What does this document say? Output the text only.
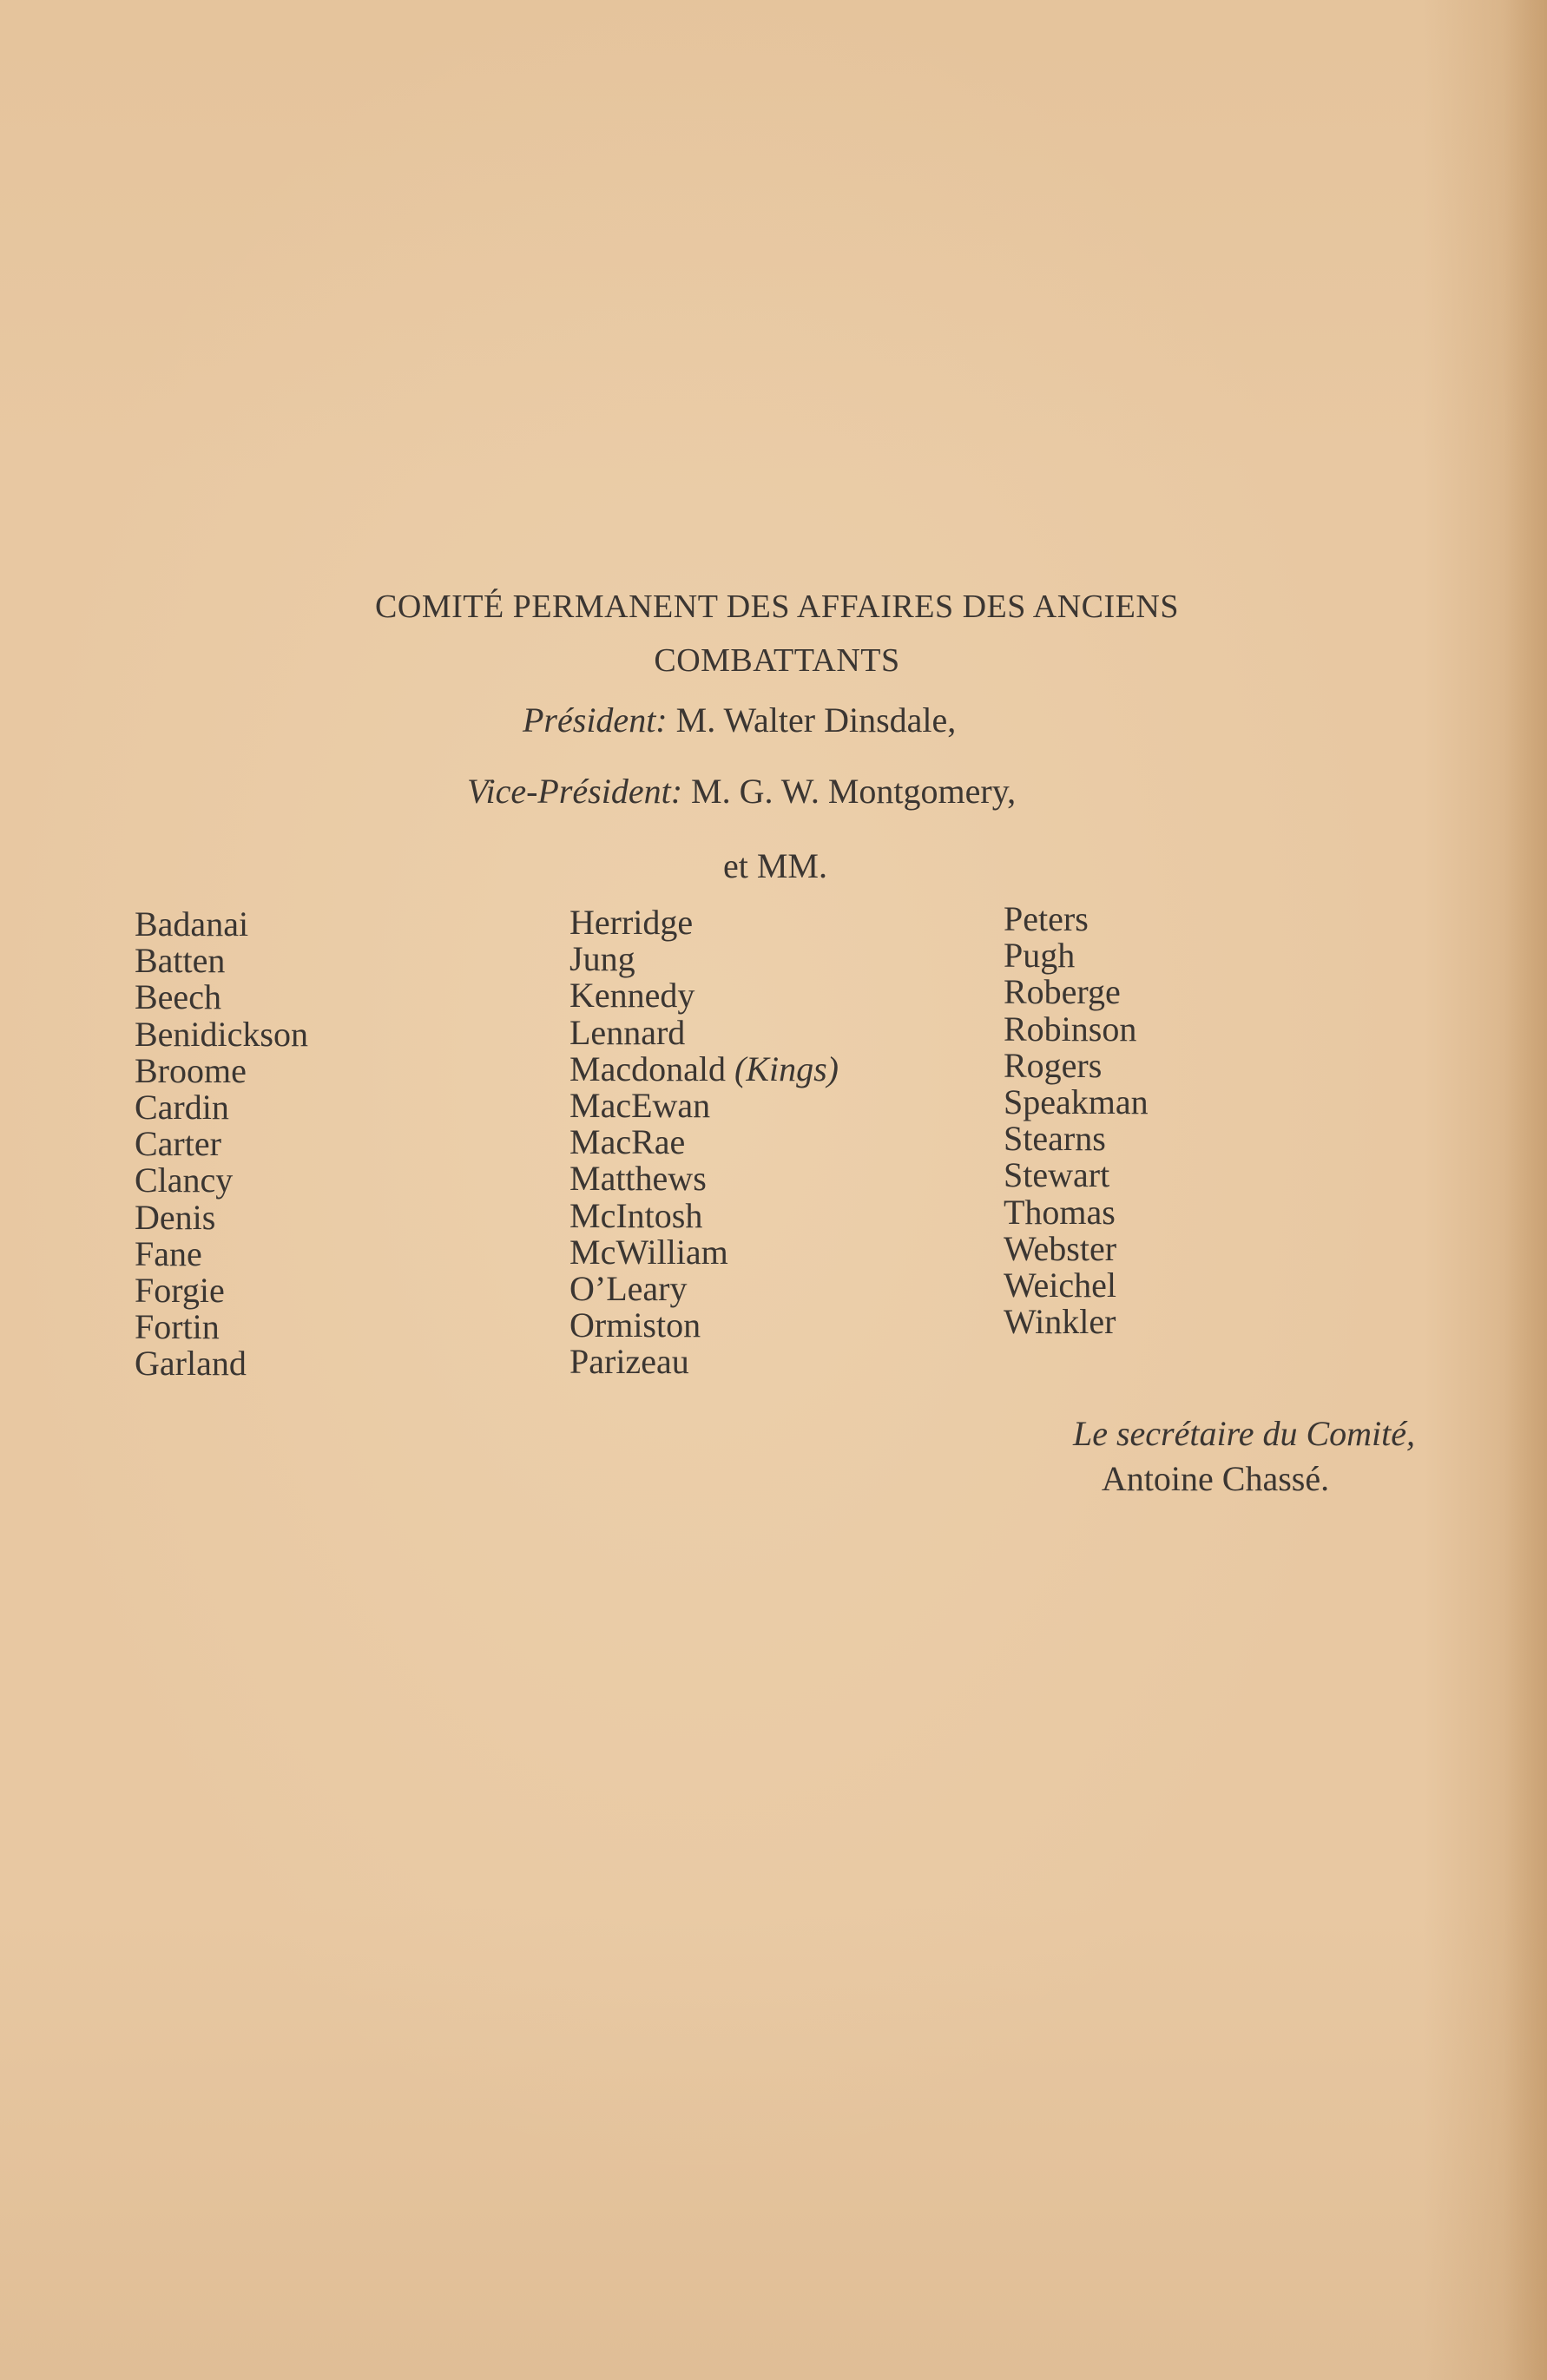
COMITÉ PERMANENT DES AFFAIRES DES ANCIENS
COMBATTANTS
Président: M. Walter Dinsdale,
Vice-Président: M. G. W. Montgomery,
et MM.
Badanai
Batten
Beech
Benidickson
Broome
Cardin
Carter
Clancy
Denis
Fane
Forgie
Fortin
Garland
Herridge
Jung
Kennedy
Lennard
Macdonald (Kings)
MacEwan
MacRae
Matthews
McIntosh
McWilliam
O’Leary
Ormiston
Parizeau
Peters
Pugh
Roberge
Robinson
Rogers
Speakman
Stearns
Stewart
Thomas
Webster
Weichel
Winkler
Le secrétaire du Comité,
Antoine Chassé.
